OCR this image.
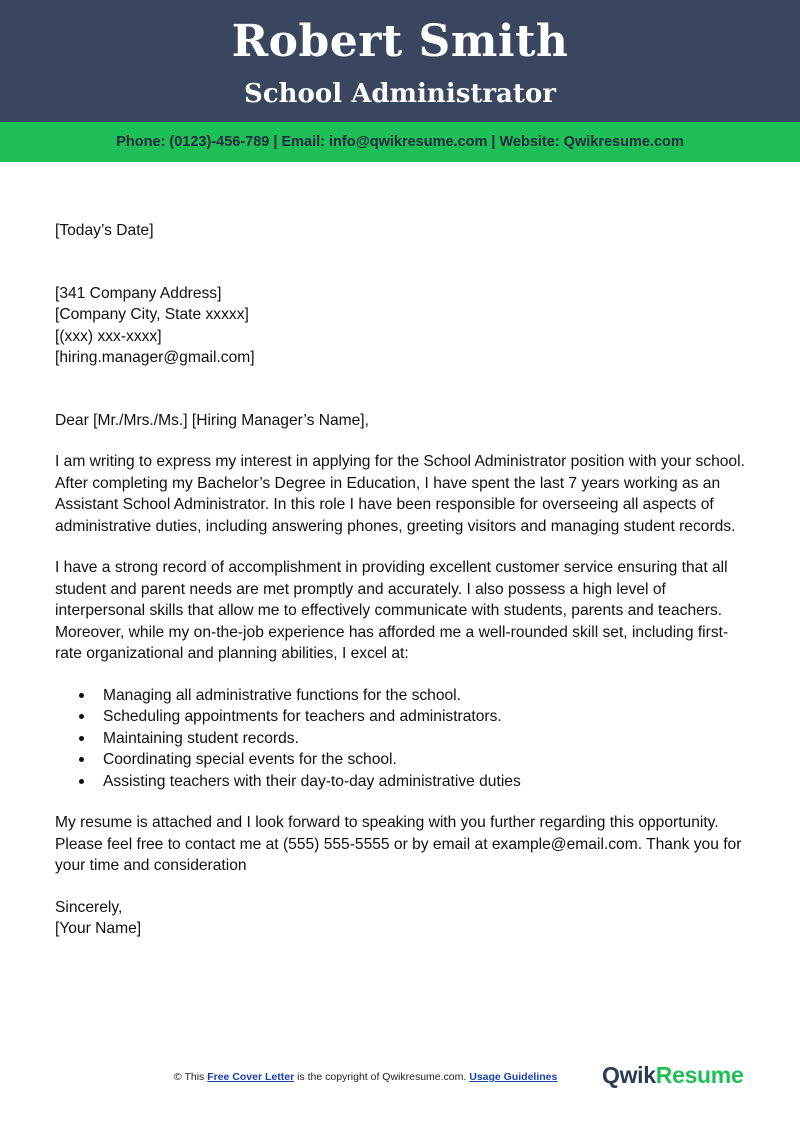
Robert Smith
School Administrator
Phone: (0123)-456-789 | Email: info@qwikresume.com | Website: Qwikresume.com

[Today’s Date]

[341 Company Address]

[Company City, State xxxxx]

[(xxx) xxx-xxxx]

[hiring.manager@gmail.com]

Dear [Mr./Mrs./Ms.] [Hiring Manager’s Name],

I am writing to express my interest in applying for the School Administrator position with your school. After completing my Bachelor’s Degree in Education, I have spent the last 7 years working as an Assistant School Administrator. In this role I have been responsible for overseeing all aspects of administrative duties, including answering phones, greeting visitors and managing student records.

I have a strong record of accomplishment in providing excellent customer service ensuring that all student and parent needs are met promptly and accurately. I also possess a high level of interpersonal skills that allow me to effectively communicate with students, parents and teachers. Moreover, while my on-the-job experience has afforded me a well-rounded skill set, including first-rate organizational and planning abilities, I excel at:

Managing all administrative functions for the school.
Scheduling appointments for teachers and administrators.
Maintaining student records.
Coordinating special events for the school.
Assisting teachers with their day-to-day administrative duties

My resume is attached and I look forward to speaking with you further regarding this opportunity. Please feel free to contact me at (555) 555-5555 or by email at example@email.com. Thank you for your time and consideration

Sincerely,

[Your Name]

© This Free Cover Letter is the copyright of Qwikresume.com. Usage Guidelines QwikResume
